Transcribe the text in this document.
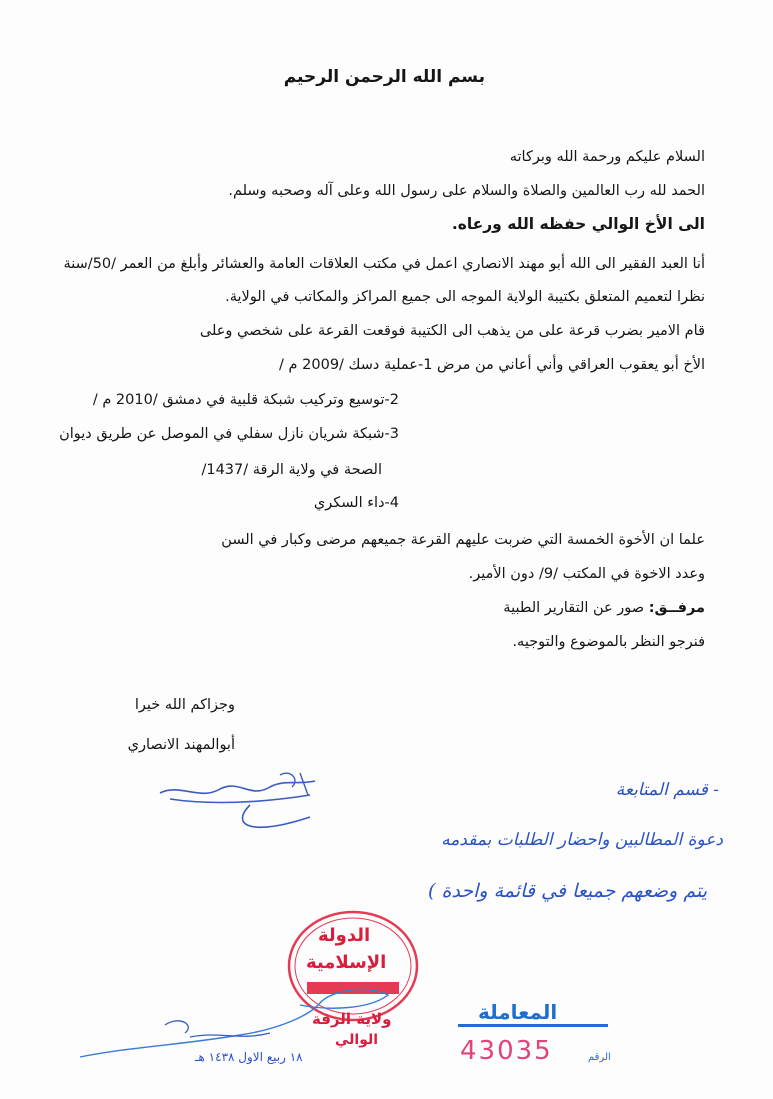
بسم الله الرحمن الرحيم
السلام عليكم ورحمة الله وبركاته
الحمد لله رب العالمين والصلاة والسلام على رسول الله وعلى آله وصحبه وسلم.
الى الأخ الوالي حفظه الله ورعاه.
أنا العبد الفقير الى الله أبو مهند الانصاري اعمل في مكتب العلاقات العامة والعشائر وأبلغ من العمر /50/سنة
نظرا لتعميم المتعلق بكتيبة الولاية الموجه الى جميع المراكز والمكاتب في الولاية.
قام الامير بضرب قرعة على من يذهب الى الكتيبة فوقعت القرعة على شخصي وعلى
الأخ أبو يعقوب العراقي وأني أعاني من مرض 1-عملية دسك /2009 م /
2-توسيع وتركيب شبكة قلبية في دمشق /2010 م /
3-شبكة شريان نازل سفلي في الموصل عن طريق ديوان
الصحة في ولاية الرقة /1437/
4-داء السكري
علما ان الأخوة الخمسة التي ضربت عليهم القرعة جميعهم مرضى وكبار في السن
وعدد الاخوة في المكتب /9/ دون الأمير.
مرفــق: صور عن التقارير الطبية
فنرجو النظر بالموضوع والتوجيه.
وجزاكم الله خيرا
أبوالمهند الانصاري
- قسم المتابعة
دعوة المطالبين واحضار الطلبات بمقدمه
يتم وضعهم جميعا في قائمة واحدة )
الدولة
الإسلامية
ولاية الرقة
الوالي
١٨ ربيع الاول ١٤٣٨ هـ
المعاملة
43035	الرقم
